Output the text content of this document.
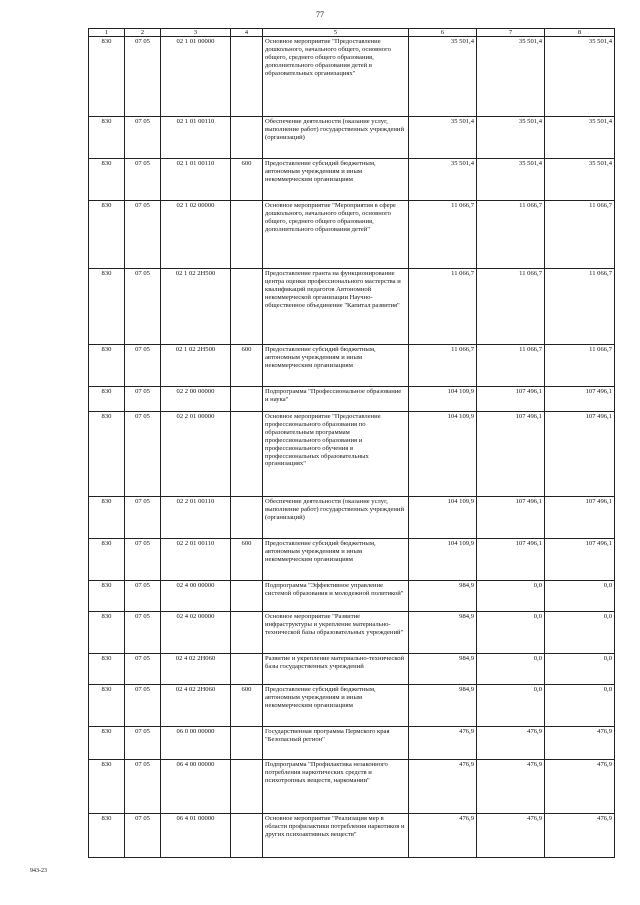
77
1	2	3	4	5	6	7	8
830	07 05	02 1 01 00000		Основное мероприятие "Предоставление дошкольного, начального общего, основного общего, среднего общего образования, дополнительного образования детей в образовательных организациях"	35 501,4	35 501,4	35 501,4
830	07 05	02 1 01 00110		Обеспечение деятельности (оказание услуг, выполнение работ) государственных учреждений (организаций)	35 501,4	35 501,4	35 501,4
830	07 05	02 1 01 00110	600	Предоставление субсидий бюджетным, автономным учреждениям и иным некоммерческим организациям	35 501,4	35 501,4	35 501,4
830	07 05	02 1 02 00000		Основное мероприятие "Мероприятия в сфере дошкольного, начального общего, основного общего, среднего общего образования, дополнительного образования детей"	11 066,7	11 066,7	11 066,7
830	07 05	02 1 02 2Н500		Предоставление гранта на функционирование центра оценки профессионального мастерства и квалификаций педагогов Автономной некоммерческой организации Научно-общественное объединение "Капитал развития"	11 066,7	11 066,7	11 066,7
830	07 05	02 1 02 2Н500	600	Предоставление субсидий бюджетным, автономным учреждениям и иным некоммерческим организациям	11 066,7	11 066,7	11 066,7
830	07 05	02 2 00 00000		Подпрограмма "Профессиональное образование и наука"	104 109,9	107 496,1	107 496,1
830	07 05	02 2 01 00000		Основное мероприятие "Предоставление профессионального образования по образовательным программам профессионального образования и профессионального обучения в профессиональных образовательных организациях"	104 109,9	107 496,1	107 496,1
830	07 05	02 2 01 00110		Обеспечение деятельности (оказание услуг, выполнение работ) государственных учреждений (организаций)	104 109,9	107 496,1	107 496,1
830	07 05	02 2 01 00110	600	Предоставление субсидий бюджетным, автономным учреждениям и иным некоммерческим организациям	104 109,9	107 496,1	107 496,1
830	07 05	02 4 00 00000		Подпрограмма "Эффективное управление системой образования и молодежной политикой"	984,9	0,0	0,0
830	07 05	02 4 02 00000		Основное мероприятие "Развитие инфраструктуры и укрепление материально-технической базы образовательных учреждений"	984,9	0,0	0,0
830	07 05	02 4 02 2Н060		Развитие и укрепление материально-технической базы государственных учреждений	984,9	0,0	0,0
830	07 05	02 4 02 2Н060	600	Предоставление субсидий бюджетным, автономным учреждениям и иным некоммерческим организациям	984,9	0,0	0,0
830	07 05	06 0 00 00000		Государственная программа Пермского края "Безопасный регион"	476,9	476,9	476,9
830	07 05	06 4 00 00000		Подпрограмма "Профилактика незаконного потребления наркотических средств и психотропных веществ, наркомании"	476,9	476,9	476,9
830	07 05	06 4 01 00000		Основное мероприятие "Реализация мер в области профилактики потребления наркотиков и других психоактивных веществ"	476,9	476,9	476,9
943-23
